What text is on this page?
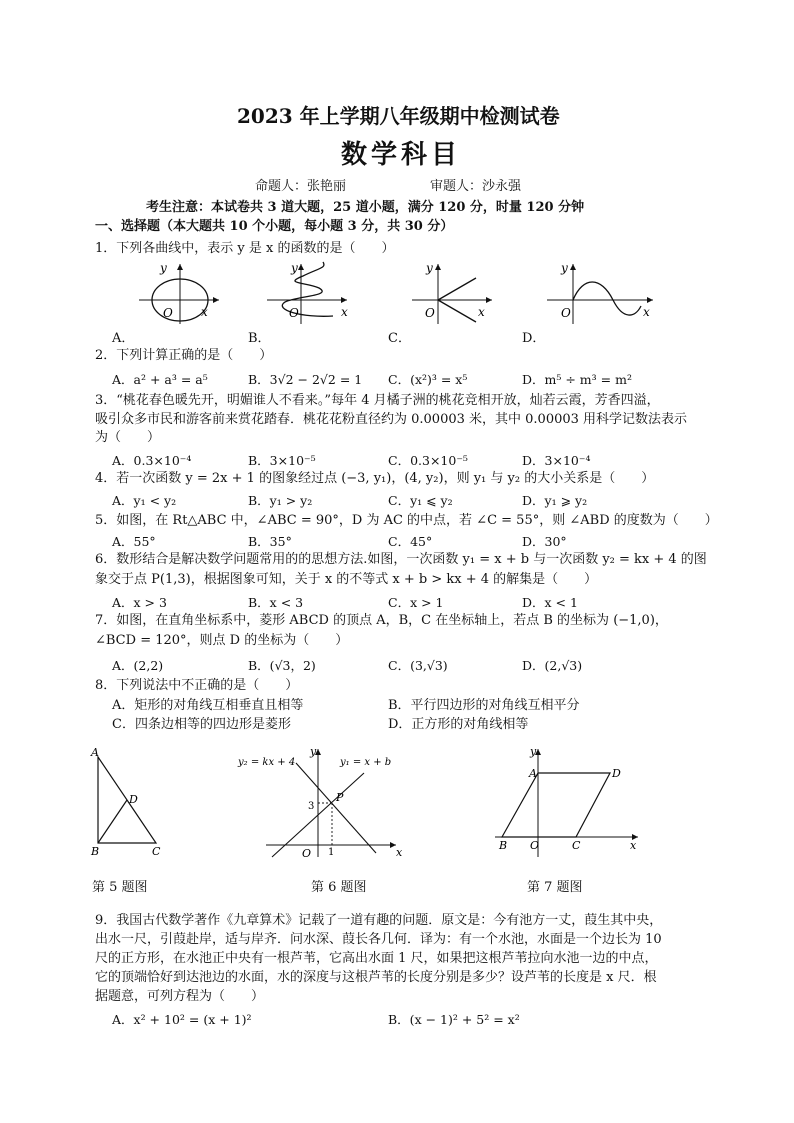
2023 年上学期八年级期中检测试卷
数学科目
命题人：张艳丽	审题人：沙永强
考生注意：本试卷共 3 道大题，25 道小题，满分 120 分，时量 120 分钟
一、选择题（本大题共 10 个小题，每小题 3 分，共 30 分）
1．下列各曲线中，表示 y 是 x 的函数的是（　　）
O x
y
O	x
y
O	x
y
O	x
y
A．	B．	C．	D．
2．下列计算正确的是（　　）
A．a² + a³ = a⁵	B．3√2 − 2√2 = 1 C．(x²)³ = x⁵	D．m⁵ ÷ m³ = m²
3．“桃花春色暖先开，明媚谁人不看来。”每年 4 月橘子洲的桃花竞相开放，灿若云霞，芳香四溢，
吸引众多市民和游客前来赏花踏春．桃花花粉直径约为 0.00003 米，其中 0.00003 用科学记数法表示
为（　　）
A．0.3×10⁻⁴	B．3×10⁻⁵	C．0.3×10⁻⁵	D．3×10⁻⁴
4．若一次函数 y = 2x + 1 的图象经过点 (−3, y₁)，(4, y₂)，则 y₁ 与 y₂ 的大小关系是（　　）
A．y₁ < y₂	B．y₁ > y₂	C．y₁ ⩽ y₂	D．y₁ ⩾ y₂
5．如图，在 Rt△ABC 中，∠ABC = 90°，D 为 AC 的中点，若 ∠C = 55°，则 ∠ABD 的度数为（　　）
A．55°	B．35°	C．45°	D．30°
6．数形结合是解决数学问题常用的的思想方法.如图，一次函数 y₁ = x + b 与一次函数 y₂ = kx + 4 的图
象交于点 P(1,3)，根据图象可知，关于 x 的不等式 x + b > kx + 4 的解集是（　　）
A．x > 3	B．x < 3	C．x > 1	D．x < 1
7．如图，在直角坐标系中，菱形 ABCD 的顶点 A，B，C 在坐标轴上，若点 B 的坐标为 (−1,0)，
∠BCD = 120°，则点 D 的坐标为（　　）
A．(2,2)	B．(√3，2)	C．(3,√3)	D．(2,√3)
8．下列说法中不正确的是（　　）
A．矩形的对角线互相垂直且相等	B．平行四边形的对角线互相平分
C．四条边相等的四边形是菱形	D．正方形的对角线相等
A
B	C
D
第 5 题图
y₂ = kx + 4	y₁ = x + b
P
3
1
O	x
y
第 6 题图
A	D
B O	C	x
y
第 7 题图
9．我国古代数学著作《九章算术》记载了一道有趣的问题．原文是：今有池方一丈，葭生其中央，
出水一尺，引葭赴岸，适与岸齐．问水深、葭长各几何．译为：有一个水池，水面是一个边长为 10
尺的正方形，在水池正中央有一根芦苇，它高出水面 1 尺，如果把这根芦苇拉向水池一边的中点，
它的顶端恰好到达池边的水面，水的深度与这根芦苇的长度分别是多少？设芦苇的长度是 x 尺．根
据题意，可列方程为（　　）
A．x² + 10² = (x + 1)²	B．(x − 1)² + 5² = x²
